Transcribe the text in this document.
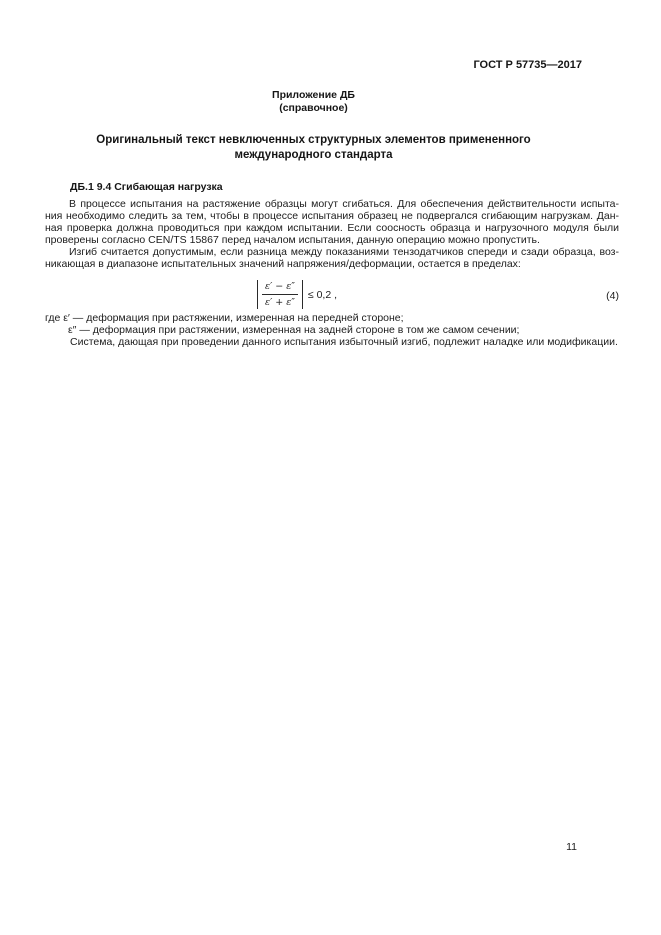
ГОСТ Р 57735—2017
Приложение ДБ
(справочное)
Оригинальный текст невключенных структурных элементов примененного
международного стандарта
ДБ.1 9.4 Сгибающая нагрузка
В процессе испытания на растяжение образцы могут сгибаться. Для обеспечения действительности испыта-
ния необходимо следить за тем, чтобы в процессе испытания образец не подвергался сгибающим нагрузкам. Дан-
ная проверка должна проводиться при каждом испытании. Если соосность образца и нагрузочного модуля были
проверены согласно CEN/TS 15867 перед началом испытания, данную операцию можно пропустить.
Изгиб считается допустимым, если разница между показаниями тензодатчиков спереди и сзади образца, воз-
никающая в диапазоне испытательных значений напряжения/деформации, остается в пределах:
$\frac{\varepsilon' - \varepsilon''}{\varepsilon' + \varepsilon''} \le 0,2$ ,	(4)
где ε′ — деформация при растяжении, измеренная на передней стороне;
ε″ — деформация при растяжении, измеренная на задней стороне в том же самом сечении;
Система, дающая при проведении данного испытания избыточный изгиб, подлежит наладке или модификации.
11
